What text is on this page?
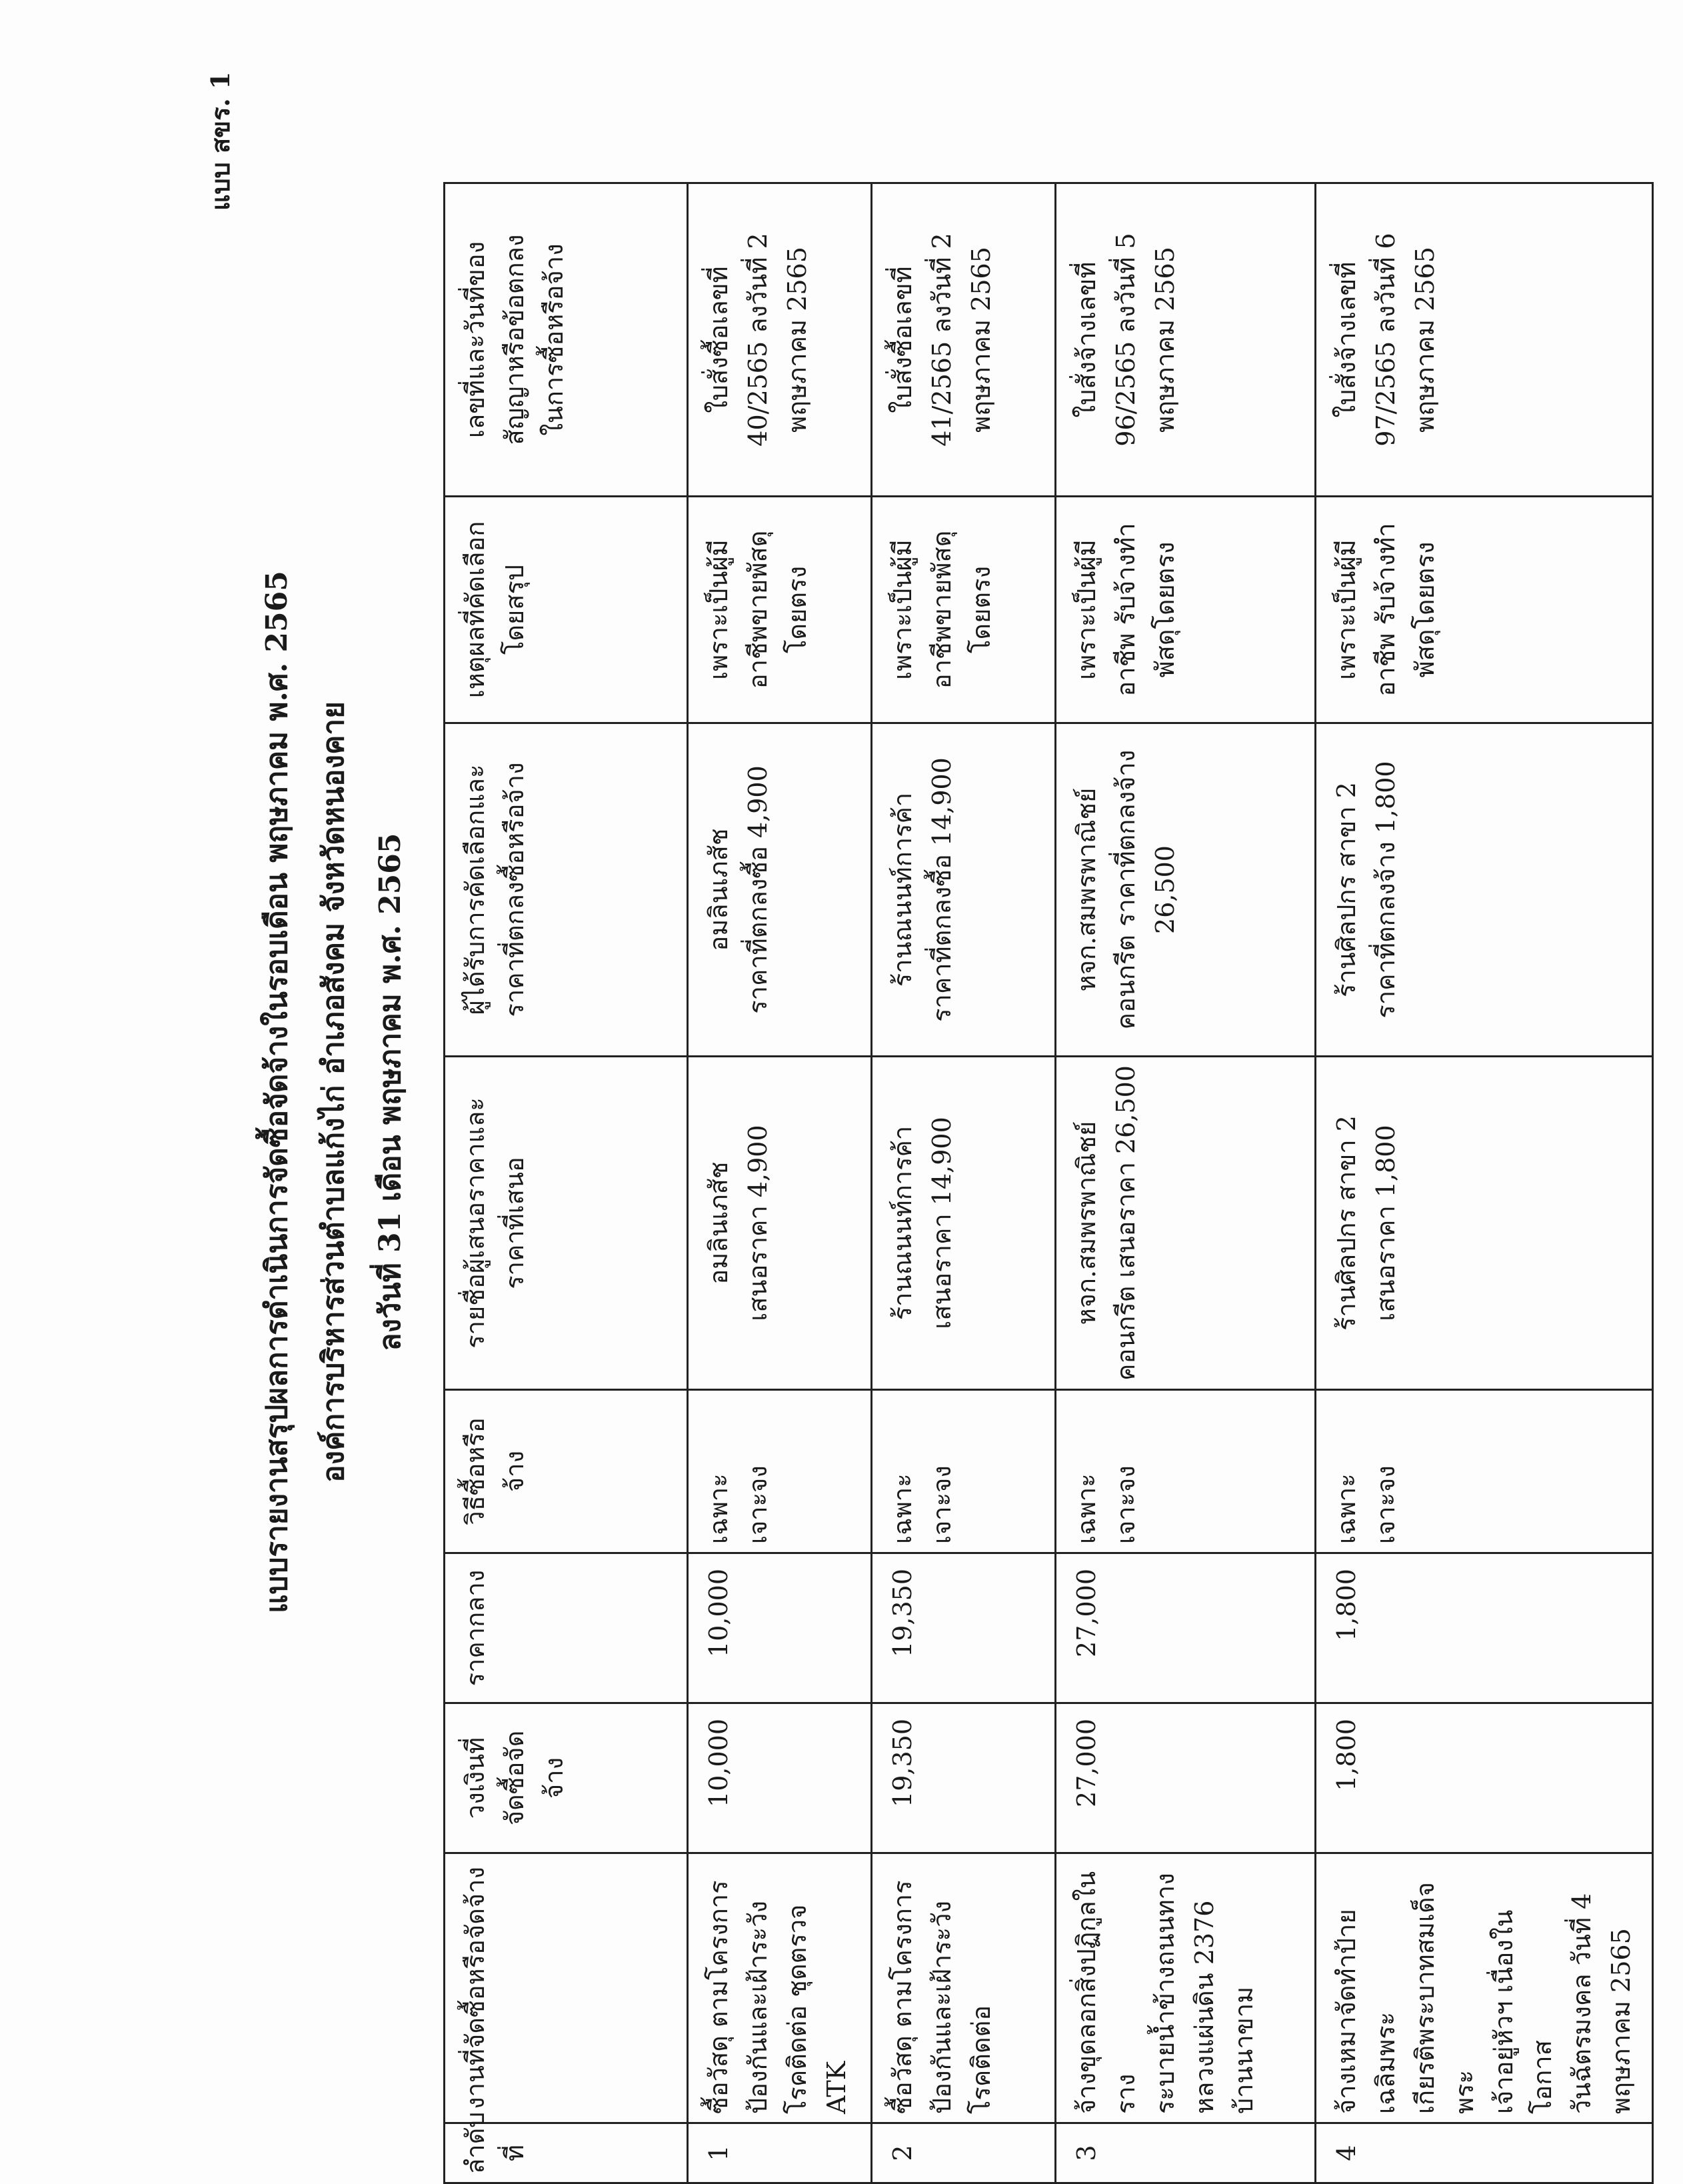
แบบ สขร. 1
แบบรายงานสรุปผลการดำเนินการจัดซื้อจัดจ้างในรอบเดือน พฤษภาคม พ.ศ. 2565 องค์การบริหารส่วนตำบลแก้งไก่ อำเภอสังคม จังหวัดหนองคาย ลงวันที่ 31 เดือน พฤษภาคม พ.ศ. 2565
ลำดับ ที่	งานที่จัดซื้อหรือจัดจ้าง	วงเงินที่ จัดซื้อจัด จ้าง	ราคากลาง	วิธีซื้อหรือจ้าง	รายชื่อผู้เสนอราคาและ ราคาที่เสนอ	ผู้ได้รับการคัดเลือกและ ราคาที่ตกลงซื้อหรือจ้าง	เหตุผลที่คัดเลือก โดยสรุป	เลขที่และวันที่ของ สัญญาหรือข้อตกลง ในการซื้อหรือจ้าง

1	ซื้อวัสดุ ตามโครงการ ป้องกันและเฝ้าระวัง โรคติดต่อ ชุดตรวจ ATK	10,000	10,000	เฉพาะเจาะจง	อมลินเภสัช เสนอราคา 4,900	อมลินเภสัช ราคาที่ตกลงซื้อ 4,900	เพราะเป็นผู้มี อาชีพขายพัสดุ โดยตรง	ใบสั่งซื้อเลขที่ 40/2565 ลงวันที่ 2 พฤษภาคม 2565

2	ซื้อวัสดุ ตามโครงการ ป้องกันและเฝ้าระวัง โรคติดต่อ	19,350	19,350	เฉพาะเจาะจง	ร้านณนนท์การค้า เสนอราคา 14,900	ร้านณนนท์การค้า ราคาที่ตกลงซื้อ 14,900	เพราะเป็นผู้มี อาชีพขายพัสดุ โดยตรง	ใบสั่งซื้อเลขที่ 41/2565 ลงวันที่ 2 พฤษภาคม 2565

3	จ้างขุดลอกสิ่งปฏิกูลในราง ระบายน้ำข้างถนนทาง หลวงแผ่นดิน 2376 บ้านนาขาม	27,000	27,000	เฉพาะเจาะจง	หจก.สมพรพาณิชย์ คอนกรีต เสนอราคา 26,500	หจก.สมพรพาณิชย์ คอนกรีต ราคาที่ตกลงจ้าง 26,500	เพราะเป็นผู้มี อาชีพ รับจ้างทำ พัสดุโดยตรง	ใบสั่งจ้างเลขที่ 96/2565 ลงวันที่ 5 พฤษภาคม 2565

4	จ้างเหมาจัดทำป้ายเฉลิมพระ เกียรติพระบาทสมเด็จพระ เจ้าอยู่หัวฯ เนื่องในโอกาส วันฉัตรมงคล วันที่ 4 พฤษภาคม 2565	1,800	1,800	เฉพาะเจาะจง	ร้านศิลปกร สาขา 2 เสนอราคา 1,800	ร้านศิลปกร สาขา 2 ราคาที่ตกลงจ้าง 1,800	เพราะเป็นผู้มี อาชีพ รับจ้างทำ พัสดุโดยตรง	ใบสั่งจ้างเลขที่ 97/2565 ลงวันที่ 6 พฤษภาคม 2565
